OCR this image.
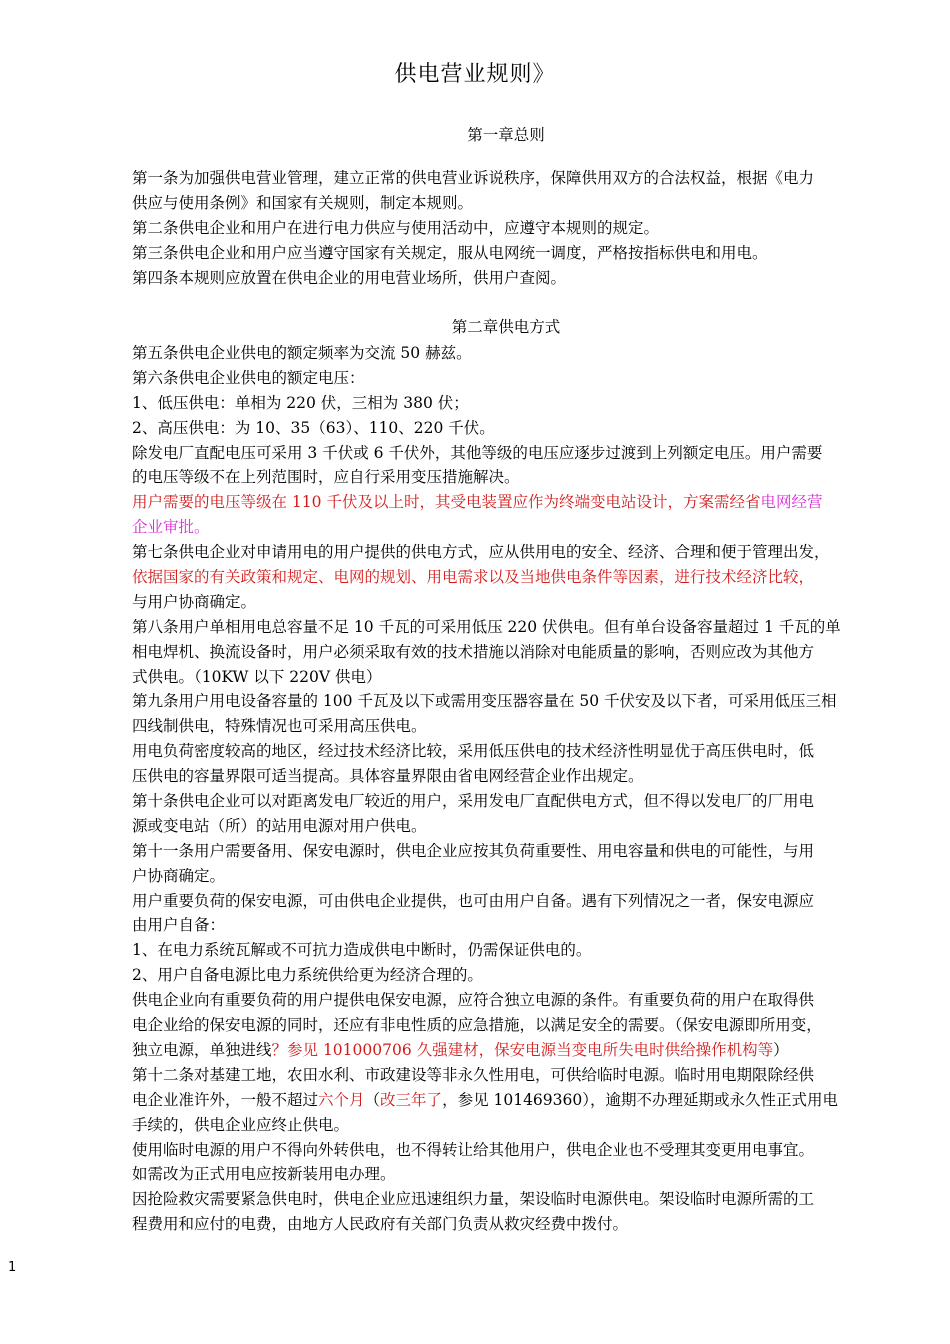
供电营业规则》
第一章总则
第一条为加强供电营业管理，建立正常的供电营业诉说秩序，保障供用双方的合法权益，根据《电力
供应与使用条例》和国家有关规则，制定本规则。
第二条供电企业和用户在进行电力供应与使用活动中，应遵守本规则的规定。
第三条供电企业和用户应当遵守国家有关规定，服从电网统一调度，严格按指标供电和用电。
第四条本规则应放置在供电企业的用电营业场所，供用户查阅。
第二章供电方式
第五条供电企业供电的额定频率为交流 50 赫兹。
第六条供电企业供电的额定电压：
1、低压供电：单相为 220 伏，三相为 380 伏；
2、高压供电：为 10、35（63）、110、220 千伏。
除发电厂直配电压可采用 3 千伏或 6 千伏外，其他等级的电压应逐步过渡到上列额定电压。用户需要
的电压等级不在上列范围时，应自行采用变压措施解决。
用户需要的电压等级在 110 千伏及以上时，其受电装置应作为终端变电站设计，方案需经省电网经营
企业审批。
第七条供电企业对申请用电的用户提供的供电方式，应从供用电的安全、经济、合理和便于管理出发，
依据国家的有关政策和规定、电网的规划、用电需求以及当地供电条件等因素，进行技术经济比较，
与用户协商确定。
第八条用户单相用电总容量不足 10 千瓦的可采用低压 220 伏供电。但有单台设备容量超过 1 千瓦的单
相电焊机、换流设备时，用户必须采取有效的技术措施以消除对电能质量的影响，否则应改为其他方
式供电。（10KW 以下 220V 供电）
第九条用户用电设备容量的 100 千瓦及以下或需用变压器容量在 50 千伏安及以下者，可采用低压三相
四线制供电，特殊情况也可采用高压供电。
用电负荷密度较高的地区，经过技术经济比较，采用低压供电的技术经济性明显优于高压供电时，低
压供电的容量界限可适当提高。具体容量界限由省电网经营企业作出规定。
第十条供电企业可以对距离发电厂较近的用户，采用发电厂直配供电方式，但不得以发电厂的厂用电
源或变电站（所）的站用电源对用户供电。
第十一条用户需要备用、保安电源时，供电企业应按其负荷重要性、用电容量和供电的可能性，与用
户协商确定。
用户重要负荷的保安电源，可由供电企业提供，也可由用户自备。遇有下列情况之一者，保安电源应
由用户自备：
1、在电力系统瓦解或不可抗力造成供电中断时，仍需保证供电的。
2、用户自备电源比电力系统供给更为经济合理的。
供电企业向有重要负荷的用户提供电保安电源，应符合独立电源的条件。有重要负荷的用户在取得供
电企业给的保安电源的同时，还应有非电性质的应急措施，以满足安全的需要。（保安电源即所用变，
独立电源，单独进线？参见 101000706 久强建材，保安电源当变电所失电时供给操作机构等）
第十二条对基建工地，农田水利、市政建设等非永久性用电，可供给临时电源。临时用电期限除经供
电企业准许外，一般不超过六个月（改三年了，参见 101469360），逾期不办理延期或永久性正式用电
手续的，供电企业应终止供电。
使用临时电源的用户不得向外转供电，也不得转让给其他用户，供电企业也不受理其变更用电事宜。
如需改为正式用电应按新装用电办理。
因抢险救灾需要紧急供电时，供电企业应迅速组织力量，架设临时电源供电。架设临时电源所需的工
程费用和应付的电费，由地方人民政府有关部门负责从救灾经费中拨付。
1
